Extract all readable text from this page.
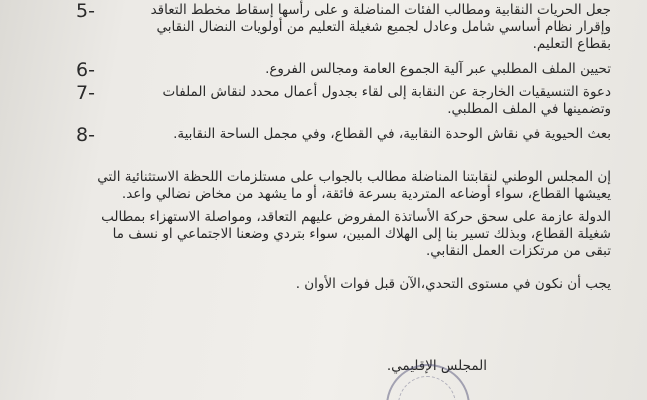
5-	جعل الحريات النقابية ومطالب الفئات المناضلة و على رأسها إسقاط مخطط التعاقد وإقرار نظام أساسي شامل وعادل لجميع شغيلة التعليم من أولويات النضال النقابي بقطاع التعليم.
6-	تحيين الملف المطلبي عبر آلية الجموع العامة ومجالس الفروع.
7-	دعوة التنسيقيات الخارجة عن النقابة إلى لقاء بجدول أعمال محدد لنقاش الملفات وتضمينها في الملف المطلبي.
8-	بعث الحيوية في نقاش الوحدة النقابية، في القطاع، وفي مجمل الساحة النقابية.

إن المجلس الوطني لنقابتنا المناضلة مطالب بالجواب على مستلزمات اللحظة الاستثنائية التي يعيشها القطاع، سواء أوضاعه المتردية بسرعة فائقة، أو ما يشهد من مخاض نضالي واعد.

الدولة عازمة على سحق حركة الأساتذة المفروض عليهم التعاقد، ومواصلة الاستهزاء بمطالب شغيلة القطاع، وبذلك تسير بنا إلى الهلاك المبين، سواء بتردي وضعنا الاجتماعي او نسف ما تبقى من مرتكزات العمل النقابي.

يجب أن نكون في مستوى التحدي،الآن قبل فوات الأوان .

المجلس الإقليمي.
